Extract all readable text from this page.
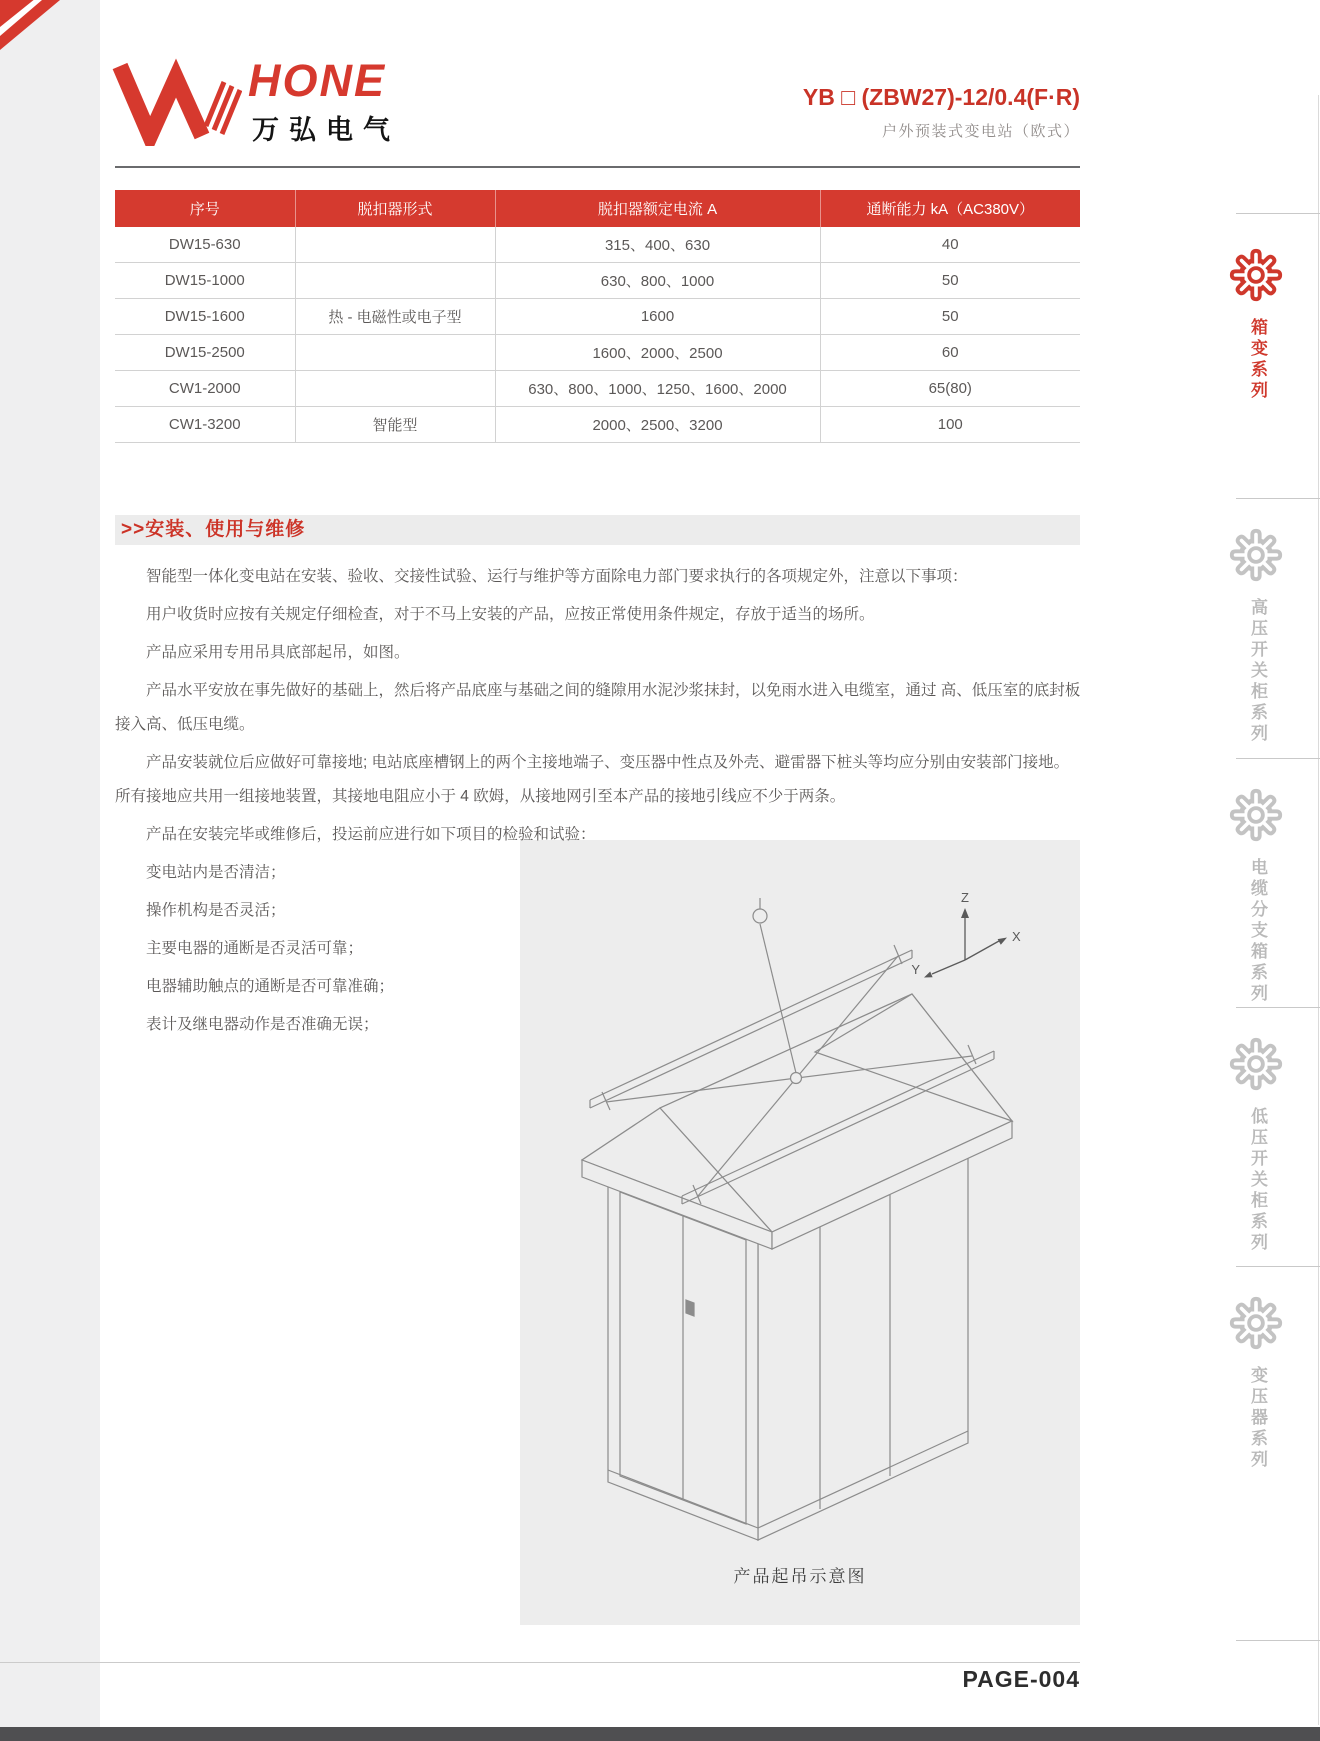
HONE
万弘电气
YB □ (ZBW27)-12/0.4(F·R)
户外预装式变电站（欧式）
序号	脱扣器形式	脱扣器额定电流 A	通断能力 kA（AC380V）
DW15-630		315、400、630	40
DW15-1000		630、800、1000	50
DW15-1600	热 - 电磁性或电子型	1600	50
DW15-2500		1600、2000、2500	60
CW1-2000		630、800、1000、1250、1600、2000	65(80)
CW1-3200	智能型	2000、2500、3200	100
>>安装、使用与维修

智能型一体化变电站在安装、验收、交接性试验、运行与维护等方面除电力部门要求执行的各项规定外，注意以下事项：

用户收货时应按有关规定仔细检查，对于不马上安装的产品，应按正常使用条件规定，存放于适当的场所。

产品应采用专用吊具底部起吊，如图。

产品水平安放在事先做好的基础上，然后将产品底座与基础之间的缝隙用水泥沙浆抹封，以免雨水进入电缆室，通过 高、低压室的底封板接入高、低压电缆。

产品安装就位后应做好可靠接地; 电站底座槽钢上的两个主接地端子、变压器中性点及外壳、避雷器下桩头等均应分别由安装部门接地。所有接地应共用一组接地装置，其接地电阻应小于 4 欧姆，从接地网引至本产品的接地引线应不少于两条。

产品在安装完毕或维修后，投运前应进行如下项目的检验和试验：

变电站内是否清洁；

操作机构是否灵活；

主要电器的通断是否灵活可靠；

电器辅助触点的通断是否可靠准确；

表计及继电器动作是否准确无误；

Z
X
Y
产品起吊示意图
箱变系列
高压开关柜系列
电缆分支箱系列
低压开关柜系列
变压器系列
PAGE-004
